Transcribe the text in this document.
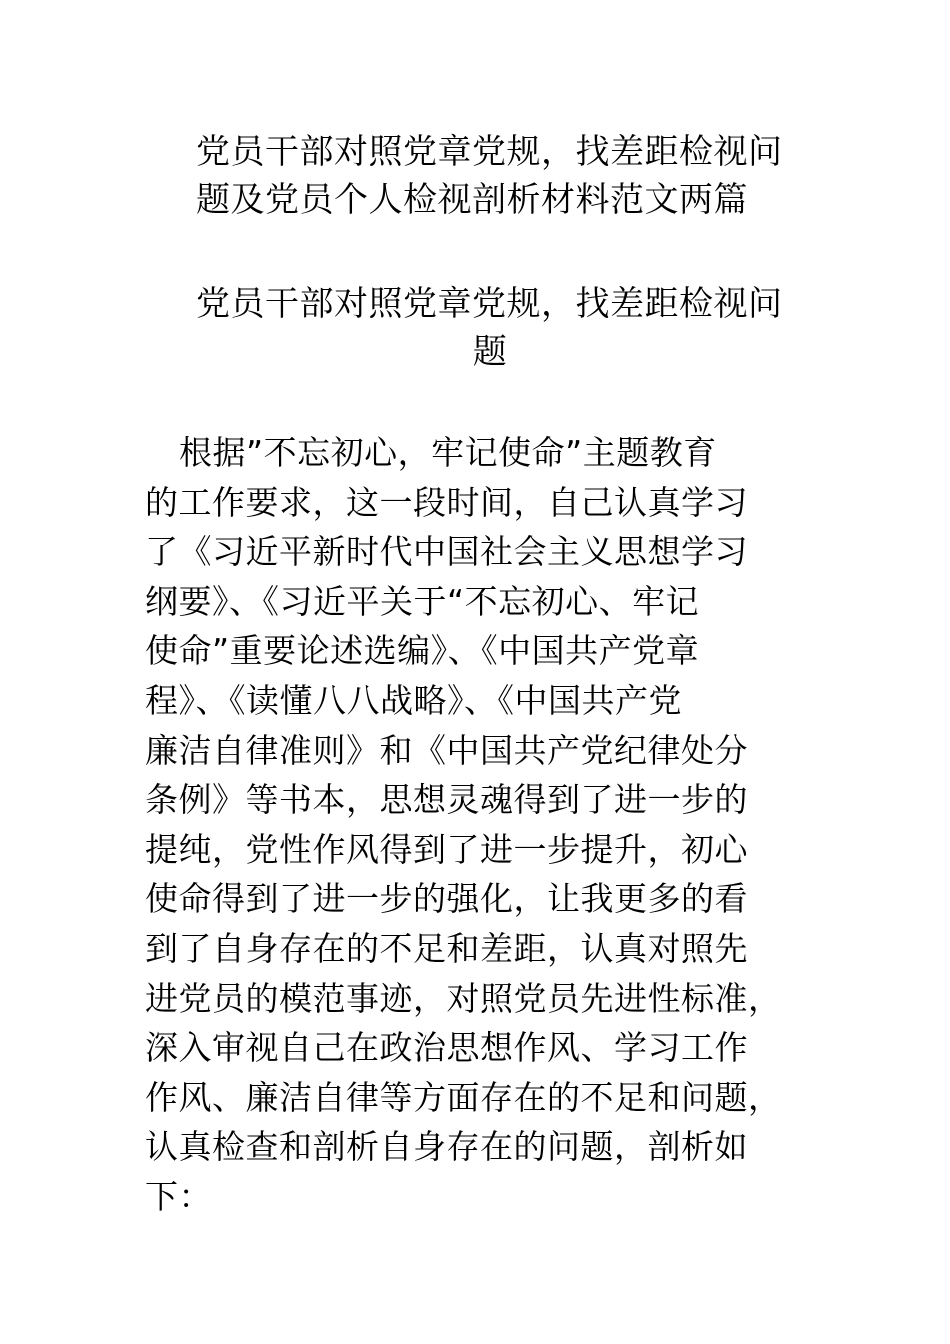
党员干部对照党章党规，找差距检视问
题及党员个人检视剖析材料范文两篇
党员干部对照党章党规，找差距检视问
题
根据”不忘初心，牢记使命”主题教育
的工作要求，这一段时间，自己认真学习
了《习近平新时代中国社会主义思想学习
纲要》、《习近平关于“不忘初心、牢记
使命”重要论述选编》、《中国共产党章
程》、《读懂八八战略》、《中国共产党
廉洁自律准则》和《中国共产党纪律处分
条例》等书本，思想灵魂得到了进一步的
提纯，党性作风得到了进一步提升，初心
使命得到了进一步的强化，让我更多的看
到了自身存在的不足和差距，认真对照先
进党员的模范事迹，对照党员先进性标准，
深入审视自己在政治思想作风、学习工作
作风、廉洁自律等方面存在的不足和问题，
认真检查和剖析自身存在的问题，剖析如
下：
